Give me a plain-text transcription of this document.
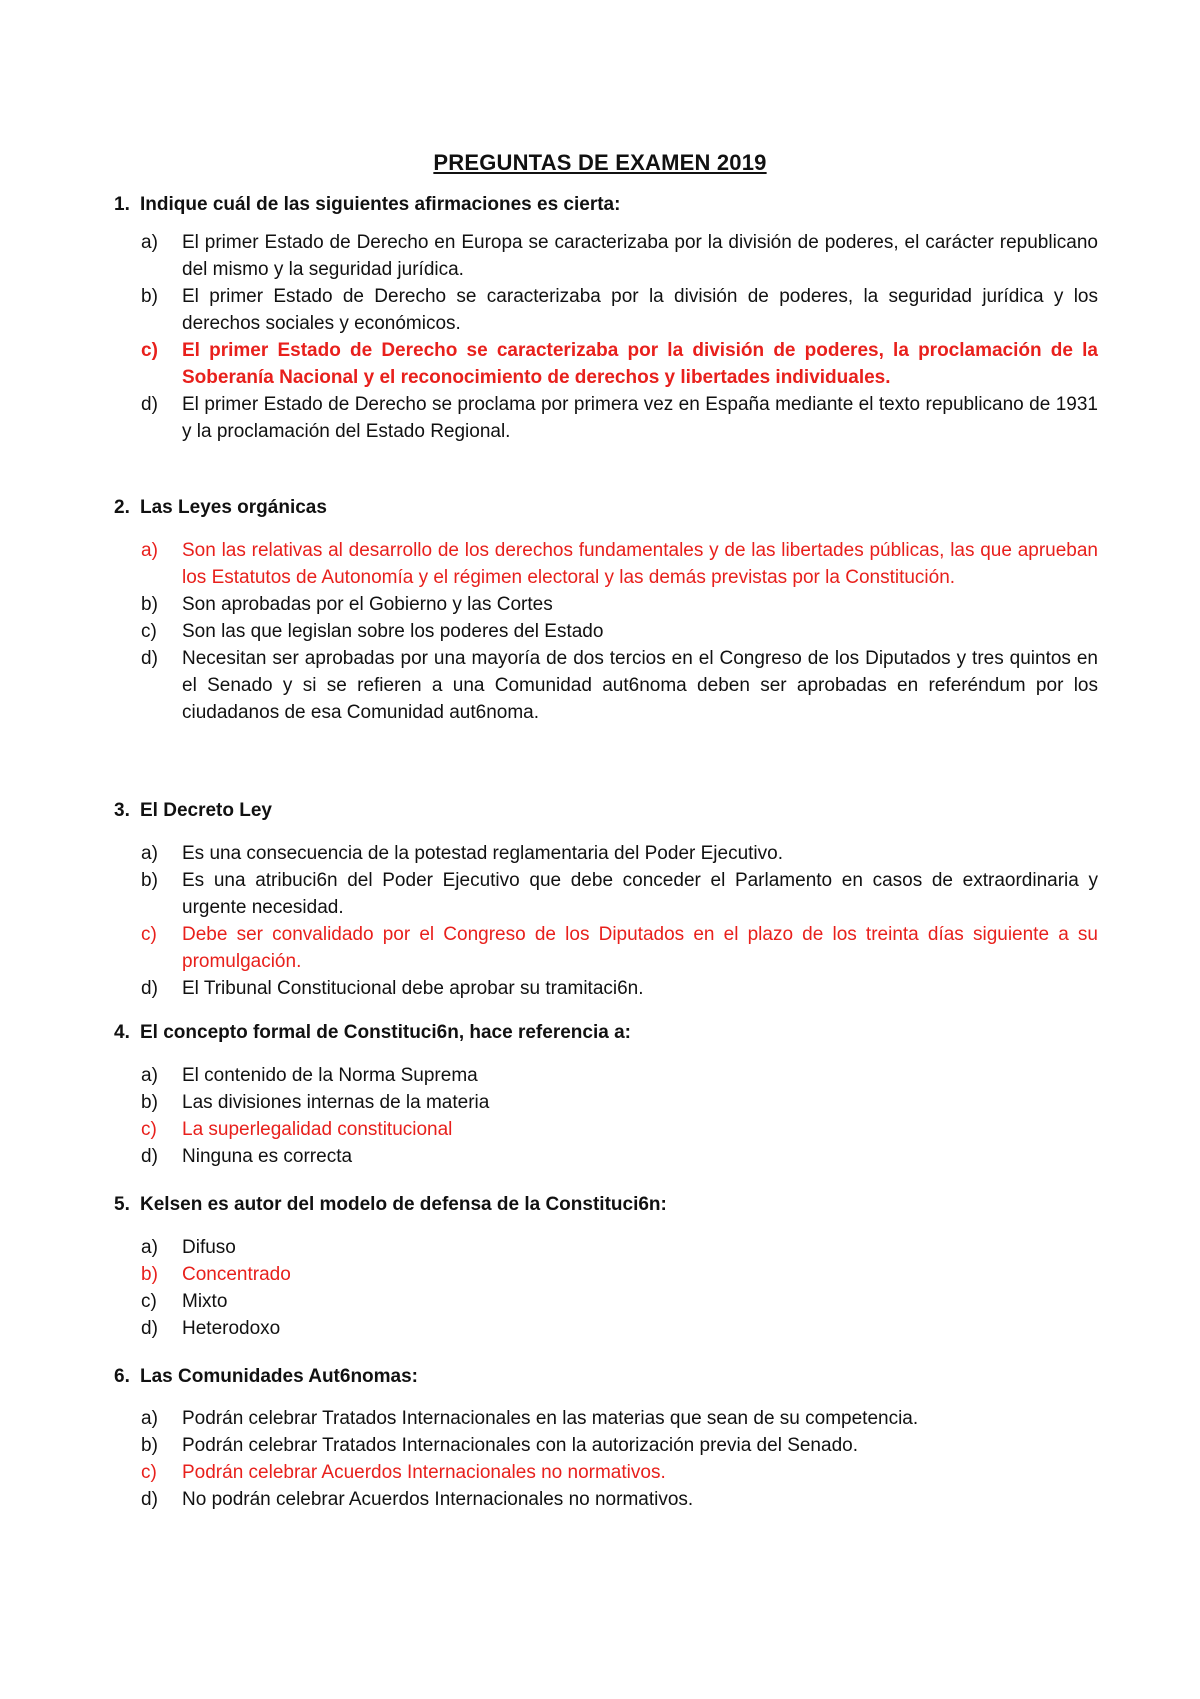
PREGUNTAS DE EXAMEN 2019
1. Indique cuál de las siguientes afirmaciones es cierta:
a) El primer Estado de Derecho en Europa se caracterizaba por la división de poderes, el carácter republicano del mismo y la seguridad jurídica.
b) El primer Estado de Derecho se caracterizaba por la división de poderes, la seguridad jurídica y los derechos sociales y económicos.
c) El primer Estado de Derecho se caracterizaba por la división de poderes, la proclamación de la Soberanía Nacional y el reconocimiento de derechos y libertades individuales.
d) El primer Estado de Derecho se proclama por primera vez en España mediante el texto republicano de 1931 y la proclamación del Estado Regional.
2. Las Leyes orgánicas
a) Son las relativas al desarrollo de los derechos fundamentales y de las libertades públicas, las que aprueban los Estatutos de Autonomía y el régimen electoral y las demás previstas por la Constitución.
b) Son aprobadas por el Gobierno y las Cortes
c) Son las que legislan sobre los poderes del Estado
d) Necesitan ser aprobadas por una mayoría de dos tercios en el Congreso de los Diputados y tres quintos en el Senado y si se refieren a una Comunidad aut6noma deben ser aprobadas en referéndum por los ciudadanos de esa Comunidad aut6noma.
3. El Decreto Ley
a) Es una consecuencia de la potestad reglamentaria del Poder Ejecutivo.
b) Es una atribuci6n del Poder Ejecutivo que debe conceder el Parlamento en casos de extraordinaria y urgente necesidad.
c) Debe ser convalidado por el Congreso de los Diputados en el plazo de los treinta días siguiente a su promulgación.
d) El Tribunal Constitucional debe aprobar su tramitaci6n.
4. El concepto formal de Constituci6n, hace referencia a:
a) El contenido de la Norma Suprema
b) Las divisiones internas de la materia
c) La superlegalidad constitucional
d) Ninguna es correcta
5. Kelsen es autor del modelo de defensa de la Constituci6n:
a) Difuso
b) Concentrado
c) Mixto
d) Heterodoxo
6. Las Comunidades Aut6nomas:
a) Podrán celebrar Tratados Internacionales en las materias que sean de su competencia.
b) Podrán celebrar Tratados Internacionales con la autorización previa del Senado.
c) Podrán celebrar Acuerdos Internacionales no normativos.
d) No podrán celebrar Acuerdos Internacionales no normativos.
